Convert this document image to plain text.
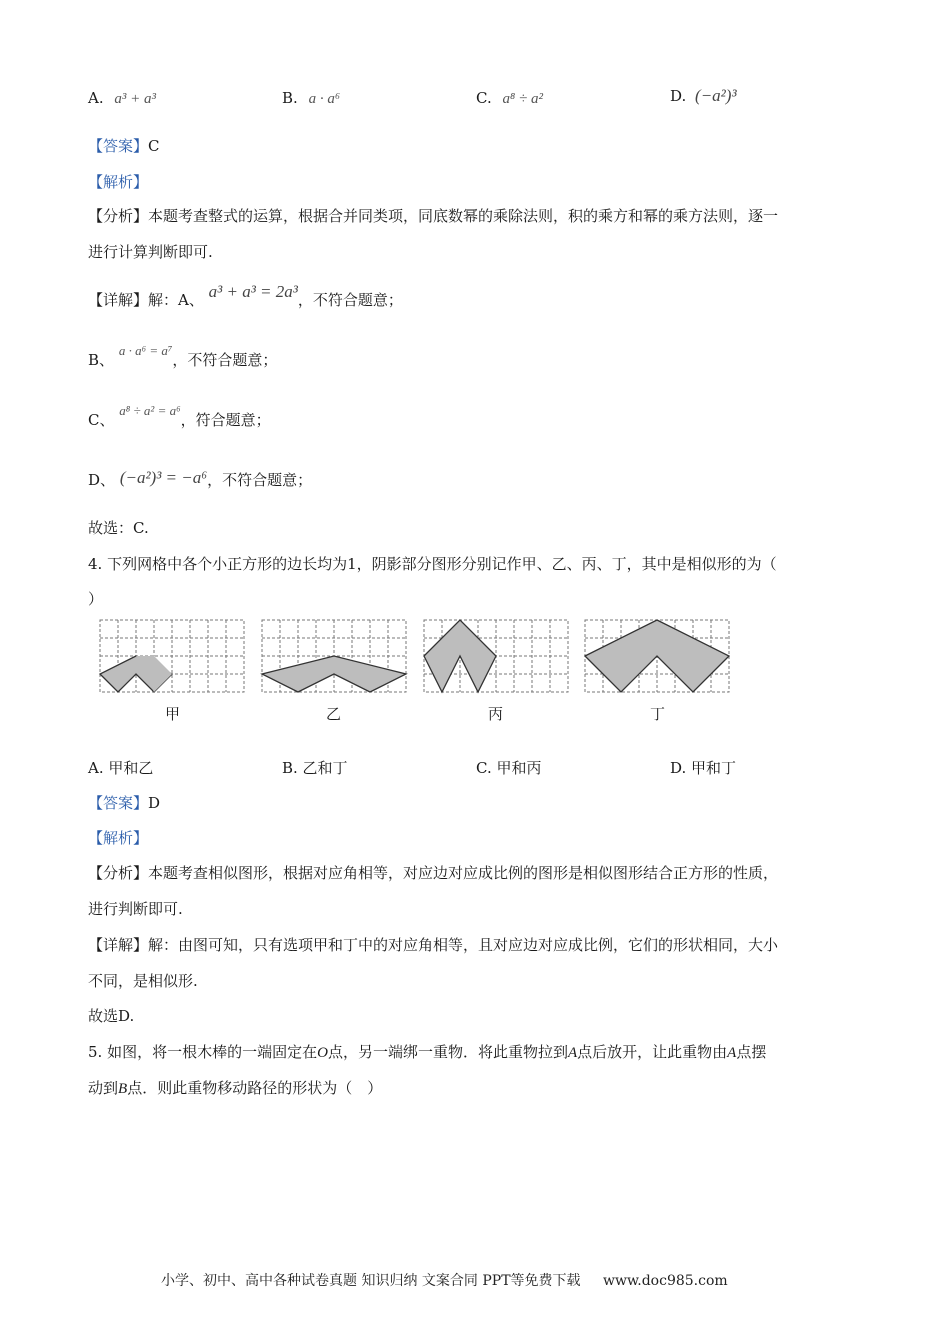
A. a³ + a³	B. a · a⁶	C. a⁸ ÷ a²	D. (−a²)³
【答案】C
【解析】
【分析】本题考查整式的运算，根据合并同类项，同底数幂的乘除法则，积的乘方和幂的乘方法则，逐一
进行计算判断即可.
【详解】解：A、 a³ + a³ = 2a³，不符合题意；
B、 a · a⁶ = a⁷，不符合题意；
C、 a⁸ ÷ a² = a⁶，符合题意；
D、 (−a²)³ = −a⁶，不符合题意；
故选：C.
4. 下列网格中各个小正方形的边长均为1，阴影部分图形分别记作甲、乙、丙、丁，其中是相似形的为（
）
甲	乙	丙	丁
A. 甲和乙	B. 乙和丁	C. 甲和丙	D. 甲和丁
【答案】D
【解析】
【分析】本题考查相似图形，根据对应角相等，对应边对应成比例的图形是相似图形结合正方形的性质，
进行判断即可.
【详解】解：由图可知，只有选项甲和丁中的对应角相等，且对应边对应成比例，它们的形状相同，大小
不同，是相似形.
故选D.
5. 如图，将一根木棒的一端固定在O点，另一端绑一重物．将此重物拉到A点后放开，让此重物由A点摆
动到B点．则此重物移动路径的形状为（　）
小学、初中、高中各种试卷真题 知识归纳 文案合同 PPT等免费下载 www.doc985.com
